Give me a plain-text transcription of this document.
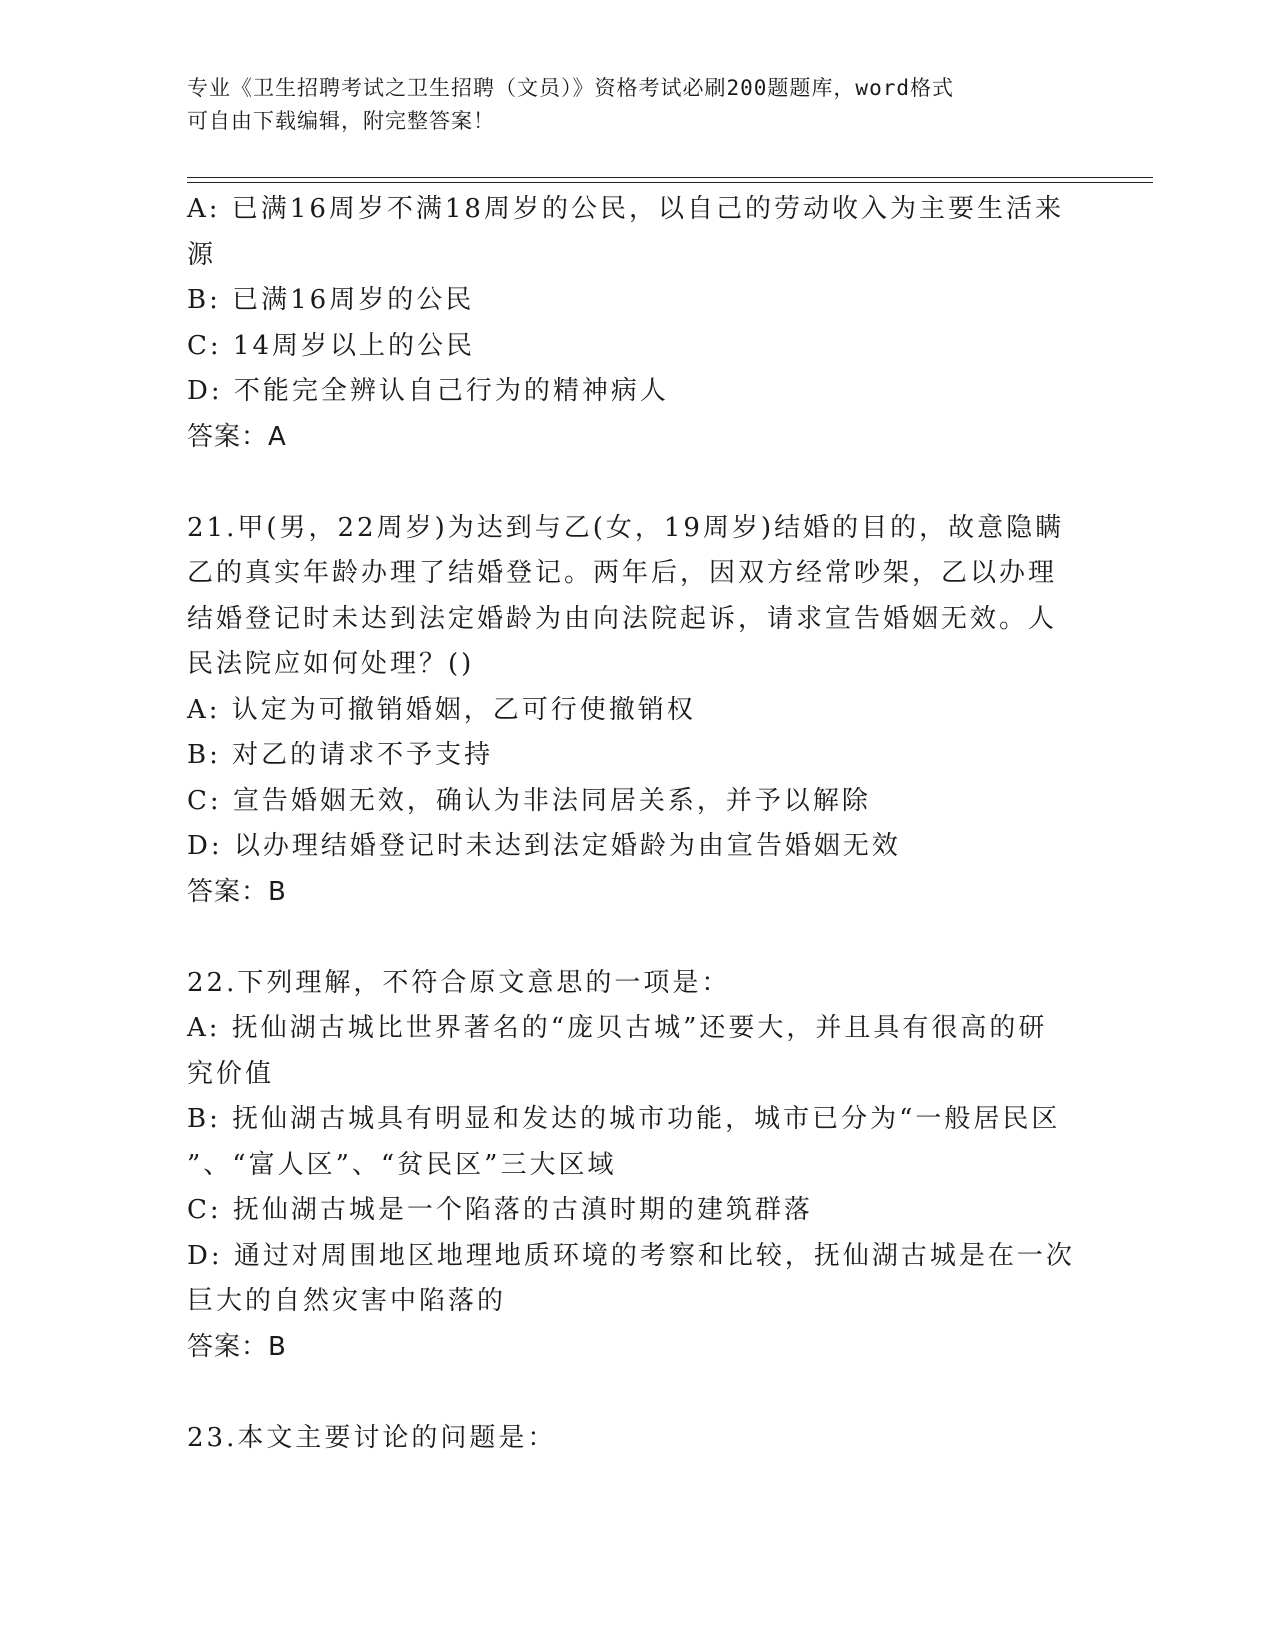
专业《卫生招聘考试之卫生招聘（文员）》资格考试必刷200题题库，word格式
可自由下载编辑，附完整答案！

A: 已满16周岁不满18周岁的公民，以自己的劳动收入为主要生活来

源

B: 已满16周岁的公民

C: 14周岁以上的公民

D: 不能完全辨认自己行为的精神病人

答案：A

21.甲(男，22周岁)为达到与乙(女，19周岁)结婚的目的，故意隐瞒

乙的真实年龄办理了结婚登记。两年后，因双方经常吵架，乙以办理

结婚登记时未达到法定婚龄为由向法院起诉，请求宣告婚姻无效。人

民法院应如何处理？()

A: 认定为可撤销婚姻，乙可行使撤销权

B: 对乙的请求不予支持

C: 宣告婚姻无效，确认为非法同居关系，并予以解除

D: 以办理结婚登记时未达到法定婚龄为由宣告婚姻无效

答案：B

22.下列理解，不符合原文意思的一项是：

A: 抚仙湖古城比世界著名的“庞贝古城”还要大，并且具有很高的研

究价值

B: 抚仙湖古城具有明显和发达的城市功能，城市已分为“一般居民区

”、“富人区”、“贫民区”三大区域

C: 抚仙湖古城是一个陷落的古滇时期的建筑群落

D: 通过对周围地区地理地质环境的考察和比较，抚仙湖古城是在一次

巨大的自然灾害中陷落的

答案：B

23.本文主要讨论的问题是：
